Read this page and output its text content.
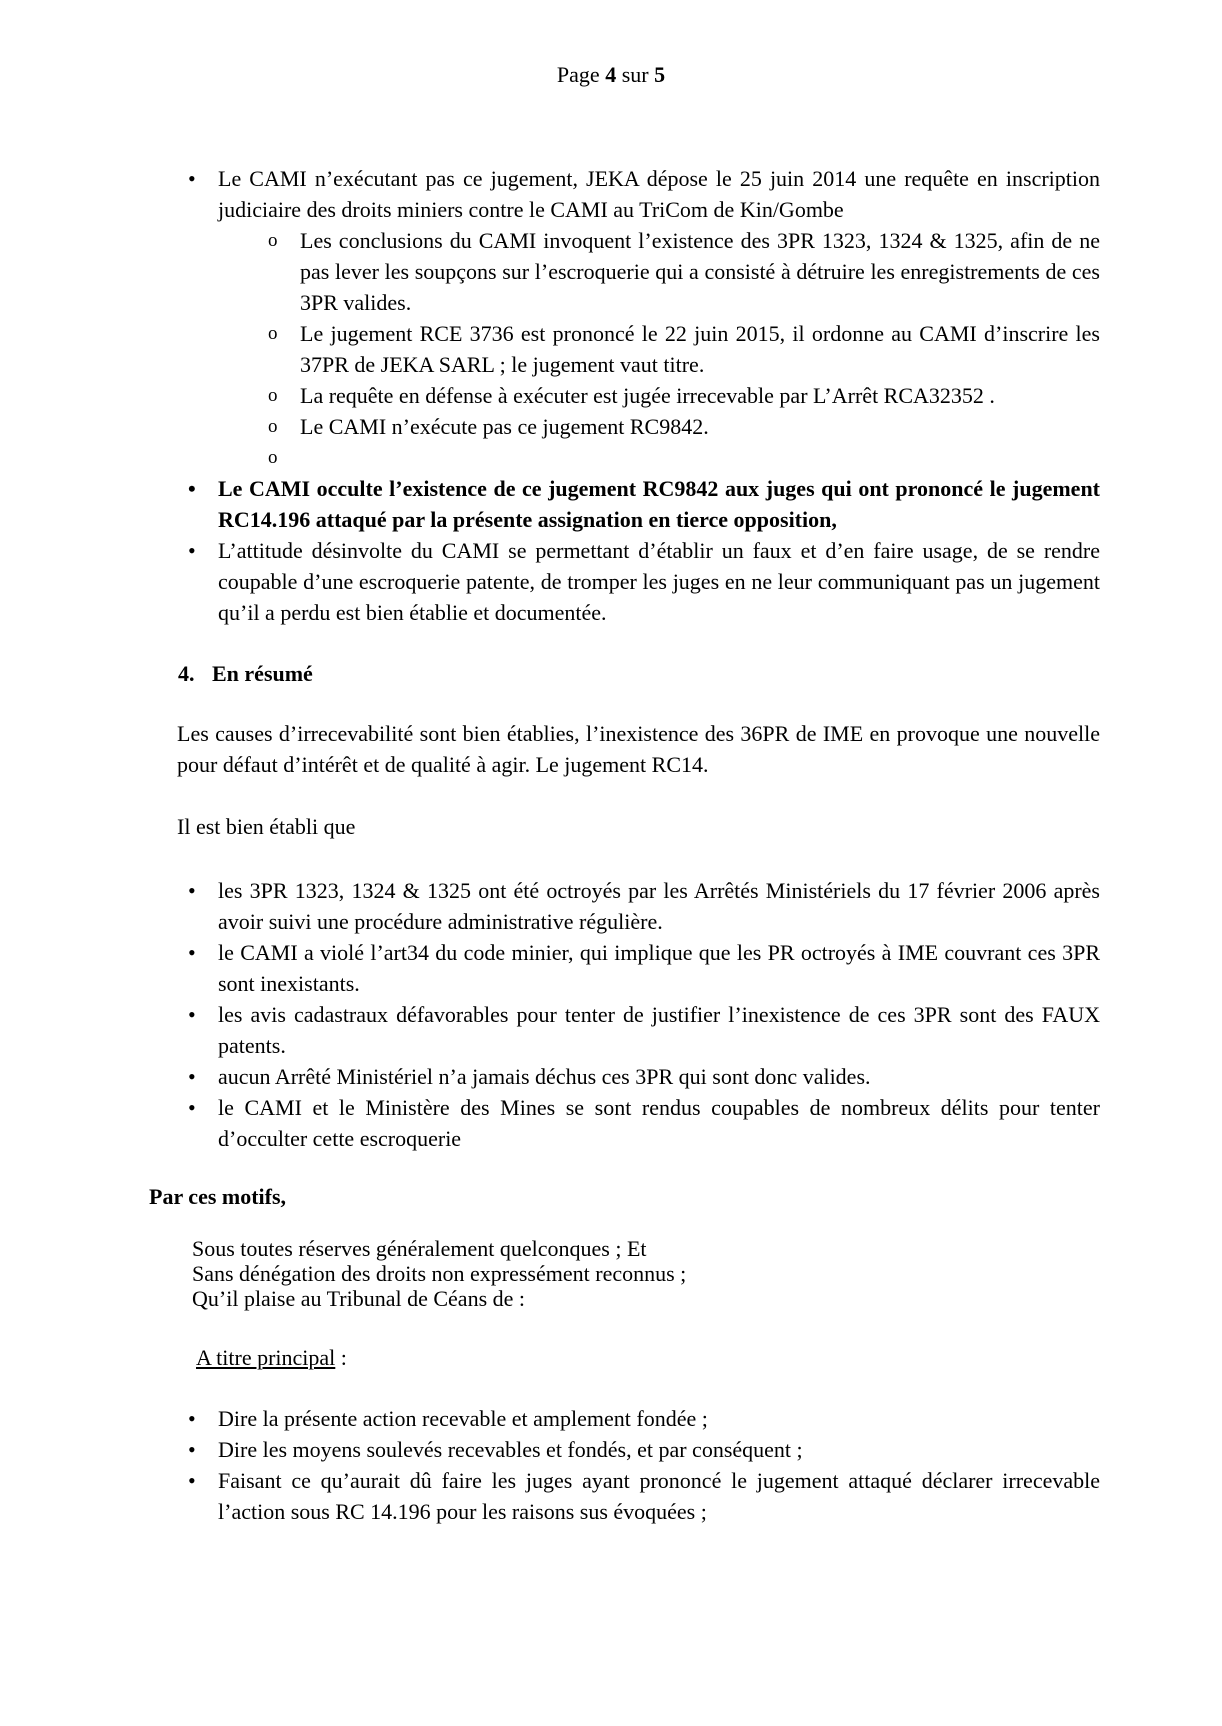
Page 4 sur 5
• Le CAMI n’exécutant pas ce jugement, JEKA dépose le 25 juin 2014 une requête en inscription judiciaire des droits miniers contre le CAMI au TriCom de Kin/Gombe
o Les conclusions du CAMI invoquent l’existence des 3PR 1323, 1324 & 1325, afin de ne pas lever les soupçons sur l’escroquerie qui a consisté à détruire les enregistrements de ces 3PR valides.
o Le jugement RCE 3736 est prononcé le 22 juin 2015, il ordonne au CAMI d’inscrire les 37PR de JEKA SARL ; le jugement vaut titre.
o La requête en défense à exécuter est jugée irrecevable par L’Arrêt RCA32352 .
o Le CAMI n’exécute pas ce jugement RC9842.
o
• Le CAMI occulte l’existence de ce jugement RC9842 aux juges qui ont prononcé le jugement RC14.196 attaqué par la présente assignation en tierce opposition,
• L’attitude désinvolte du CAMI se permettant d’établir un faux et d’en faire usage, de se rendre coupable d’une escroquerie patente, de tromper les juges en ne leur communiquant pas un jugement qu’il a perdu est bien établie et documentée.
4. En résumé
Les causes d’irrecevabilité sont bien établies, l’inexistence des 36PR de IME en provoque une nouvelle pour défaut d’intérêt et de qualité à agir. Le jugement RC14.
Il est bien établi que
• les 3PR 1323, 1324 & 1325 ont été octroyés par les Arrêtés Ministériels du 17 février 2006 après avoir suivi une procédure administrative régulière.
• le CAMI a violé l’art34 du code minier, qui implique que les PR octroyés à IME couvrant ces 3PR sont inexistants.
• les avis cadastraux défavorables pour tenter de justifier l’inexistence de ces 3PR sont des FAUX patents.
• aucun Arrêté Ministériel n’a jamais déchus ces 3PR qui sont donc valides.
• le CAMI et le Ministère des Mines se sont rendus coupables de nombreux délits pour tenter d’occulter cette escroquerie
Par ces motifs,
Sous toutes réserves généralement quelconques ; Et
Sans dénégation des droits non expressément reconnus ;
Qu’il plaise au Tribunal de Céans de :
A titre principal :
• Dire la présente action recevable et amplement fondée ;
• Dire les moyens soulevés recevables et fondés, et par conséquent ;
• Faisant ce qu’aurait dû faire les juges ayant prononcé le jugement attaqué déclarer irrecevable l’action sous RC 14.196 pour les raisons sus évoquées ;
